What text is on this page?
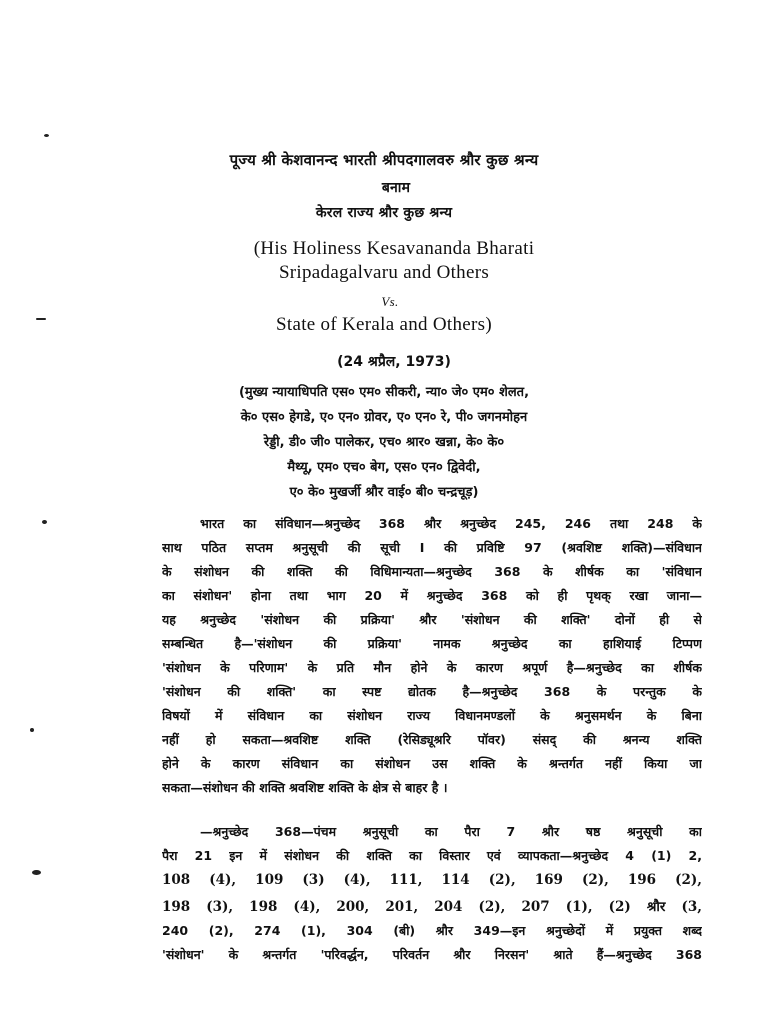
पूज्य श्री केशवानन्द भारती श्रीपदगालवरु श्रौर कुछ श्रन्य
बनाम
केरल राज्य श्रौर कुछ श्रन्य
(His Holiness Kesavananda Bharati
Sripadagalvaru and Others
Vs.
State of Kerala and Others)
(24 श्रप्रैल, 1973)
(मुख्य न्यायाधिपति एस० एम० सीकरी, न्या० जे० एम० शेलत,
के० एस० हेगडे, ए० एन० ग्रोवर, ए० एन० रे, पी० जगनमोहन
रेड्डी, डी० जी० पालेकर, एच० श्रार० खन्ना, के० के०
मैथ्यू, एम० एच० बेग, एस० एन० द्विवेदी,
ए० के० मुखर्जी श्रौर वाई० बी० चन्द्रचूड़)
भारत का संविधान—श्रनुच्छेद 368 श्रौर श्रनुच्छेद 245, 246 तथा 248 के
साथ पठित सप्तम श्रनुसूची की सूची I की प्रविष्टि 97 (श्रवशिष्ट शक्ति)—संविधान
के संशोधन की शक्ति की विधिमान्यता—श्रनुच्छेद 368 के शीर्षक का 'संविधान
का संशोधन' होना तथा भाग 20 में श्रनुच्छेद 368 को ही पृथक् रखा जाना—
यह श्रनुच्छेद 'संशोधन की प्रक्रिया' श्रौर 'संशोधन की शक्ति' दोनों ही से
सम्बन्धित है—'संशोधन की प्रक्रिया' नामक श्रनुच्छेद का हाशियाई टिप्पण
'संशोधन के परिणाम' के प्रति मौन होने के कारण श्रपूर्ण है—श्रनुच्छेद का शीर्षक
'संशोधन की शक्ति' का स्पष्ट द्योतक है—श्रनुच्छेद 368 के परन्तुक के
विषयों में संविधान का संशोधन राज्य विधानमण्डलों के श्रनुसमर्थन के बिना
नहीं हो सकता—श्रवशिष्ट शक्ति (रेसिड्यूश्ररि पॉवर) संसद् की श्रनन्य शक्ति
होने के कारण संविधान का संशोधन उस शक्ति के श्रन्तर्गत नहीं किया जा
सकता—संशोधन की शक्ति श्रवशिष्ट शक्ति के क्षेत्र से बाहर है ।
—श्रनुच्छेद 368—पंचम श्रनुसूची का पैरा 7 श्रौर षष्ठ श्रनुसूची का
पैरा 21 इन में संशोधन की शक्ति का विस्तार एवं व्यापकता—श्रनुच्छेद 4 (1) 2,
108 (4), 109 (3) (4), 111, 114 (2), 169 (2), 196 (2),
198 (3), 198 (4), 200, 201, 204 (2), 207 (1), (2) श्रौर (3,
240 (2), 274 (1), 304 (बी) श्रौर 349—इन श्रनुच्छेदों में प्रयुक्त शब्द
'संशोधन' के श्रन्तर्गत 'परिवर्द्धन, परिवर्तन श्रौर निरसन' श्राते हैं—श्रनुच्छेद 368
